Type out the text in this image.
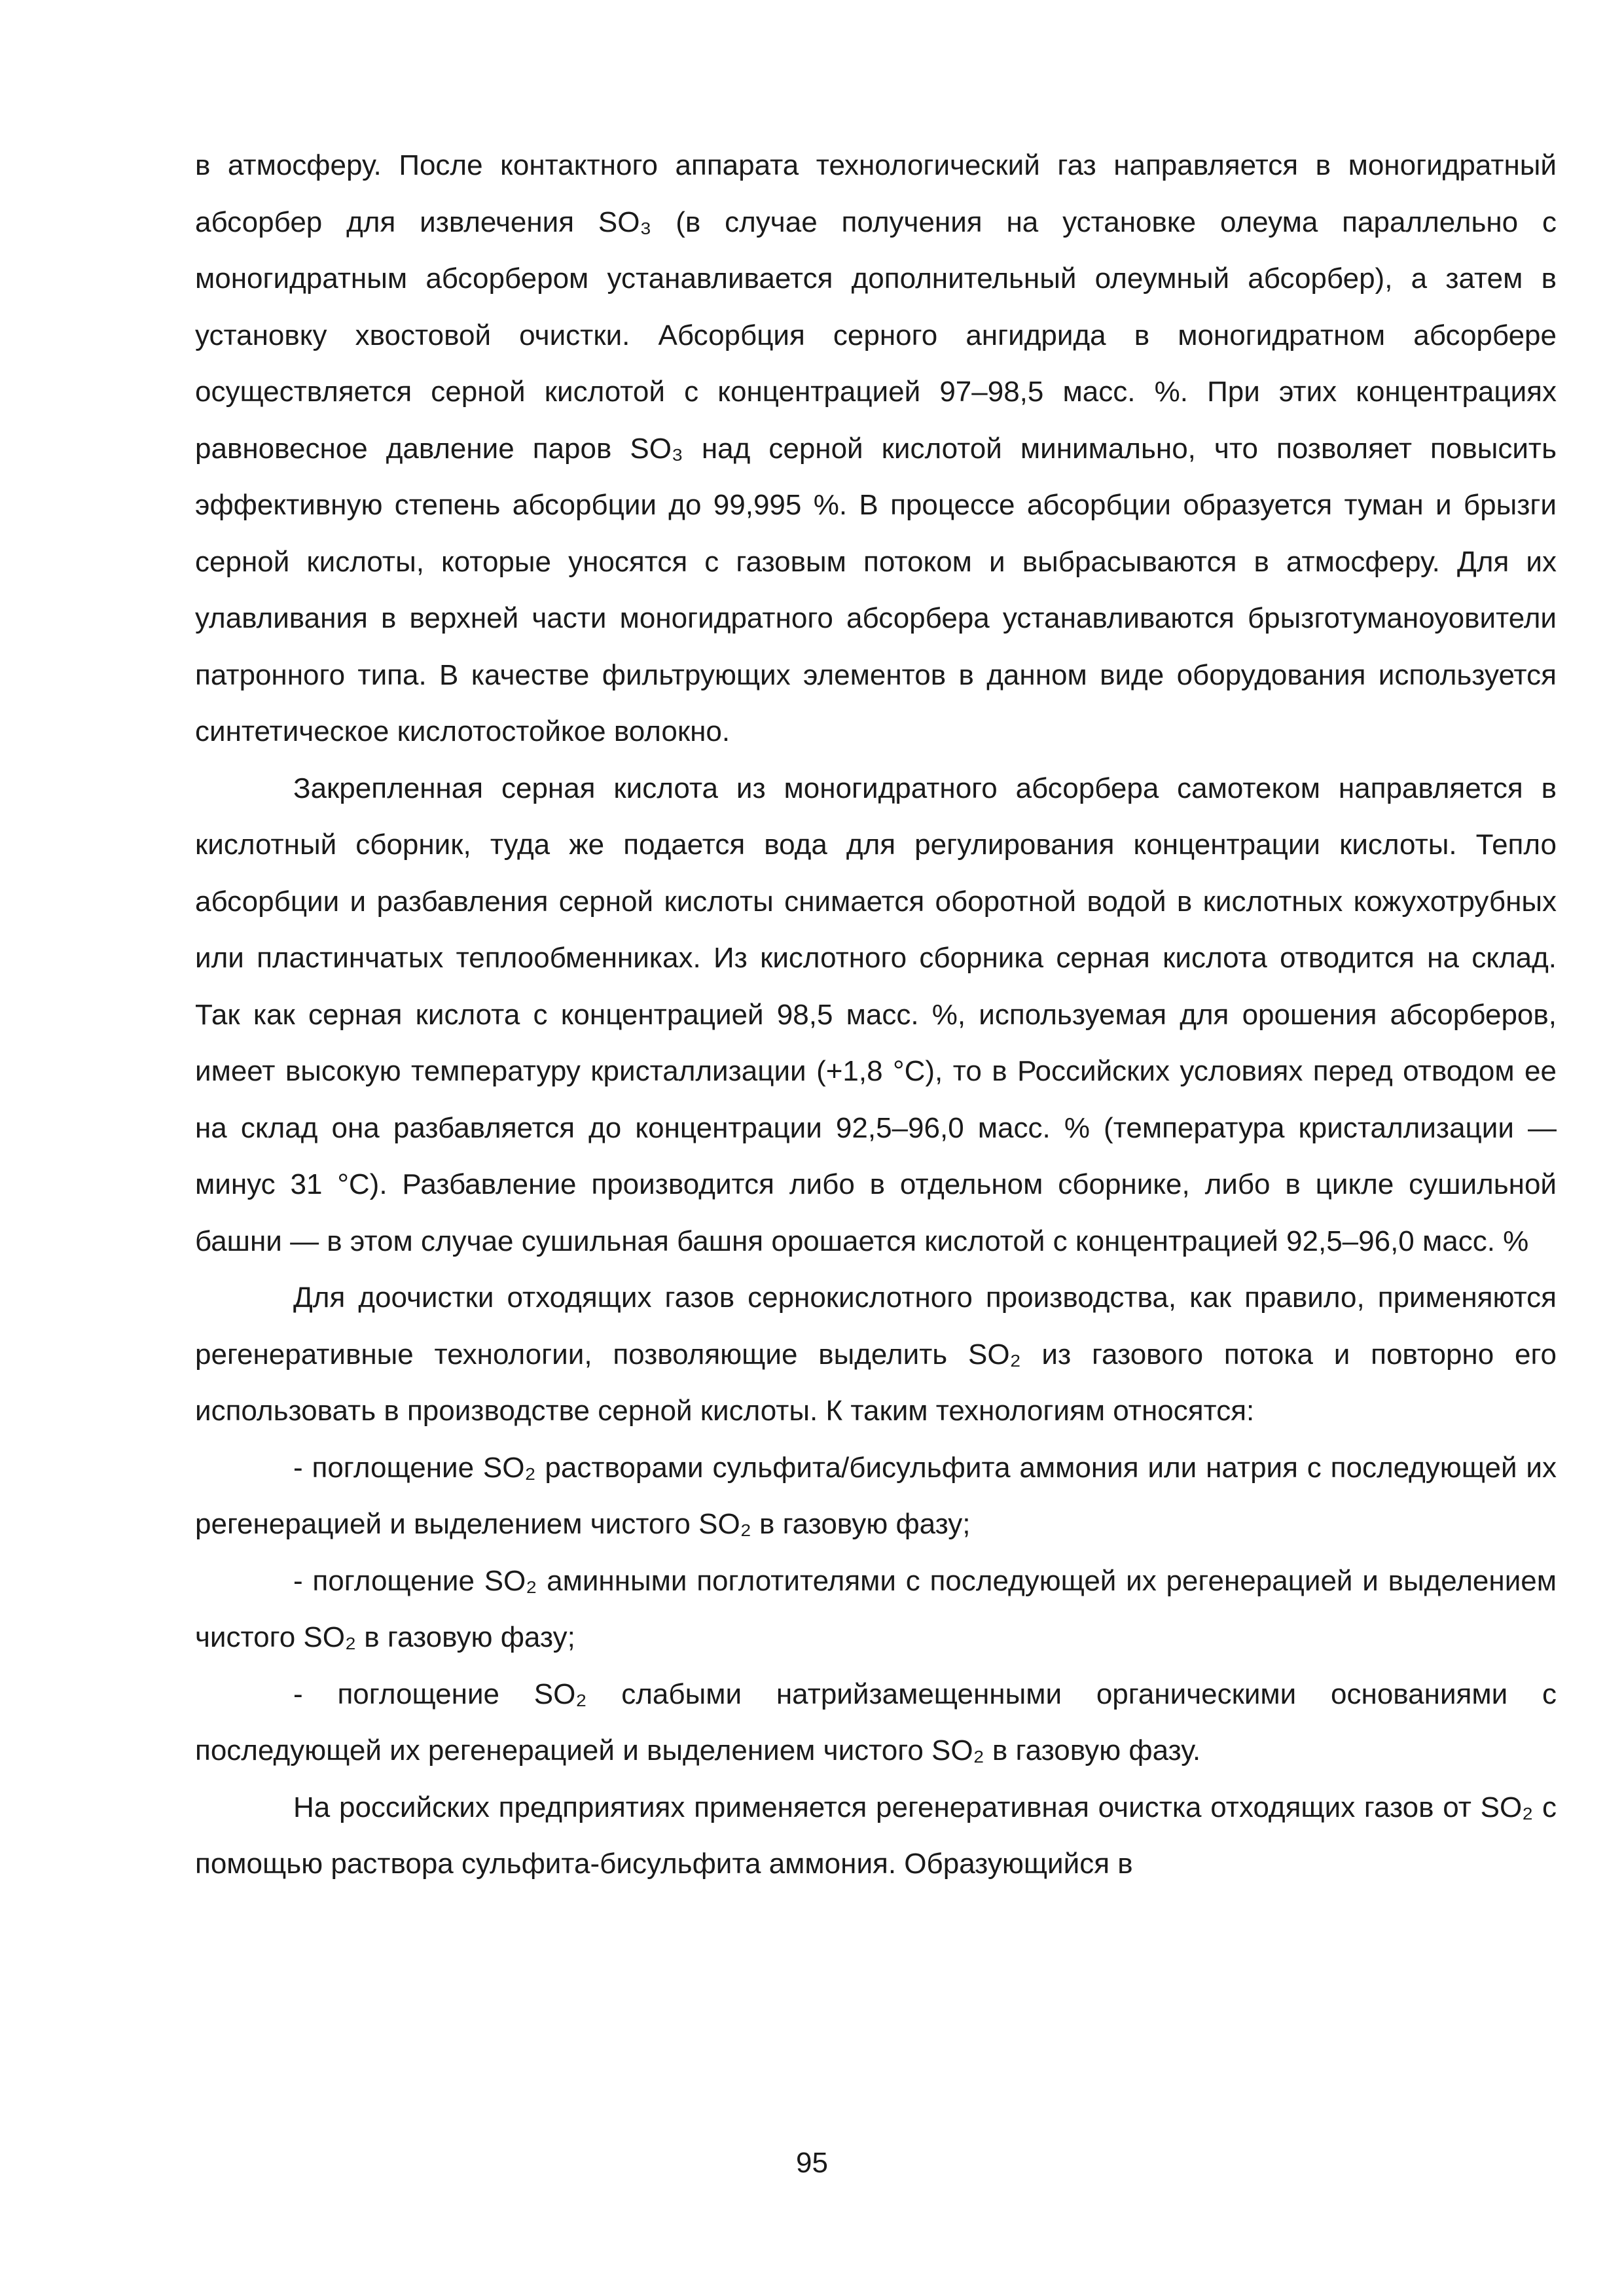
в атмосферу. После контактного аппарата технологический газ направляется в моногидратный абсорбер для извлечения SO₃ (в случае получения на установке олеума параллельно с моногидратным абсорбером устанавливается дополнительный олеумный абсорбер), а затем в установку хвостовой очистки. Абсорбция серного ангидрида в моногидратном абсорбере осуществляется серной кислотой с концентрацией 97–98,5 масс. %. При этих концентрациях равновесное давление паров SO₃ над серной кислотой минимально, что позволяет повысить эффективную степень абсорбции до 99,995 %. В процессе абсорбции образуется туман и брызги серной кислоты, которые уносятся с газовым потоком и выбрасываются в атмосферу. Для их улавливания в верхней части моногидратного абсорбера устанавливаются брызготуманоуовители патронного типа. В качестве фильтрующих элементов в данном виде оборудования используется синтетическое кислотостойкое волокно.

Закрепленная серная кислота из моногидратного абсорбера самотеком направляется в кислотный сборник, туда же подается вода для регулирования концентрации кислоты. Тепло абсорбции и разбавления серной кислоты снимается оборотной водой в кислотных кожухотрубных или пластинчатых теплообменниках. Из кислотного сборника серная кислота отводится на склад. Так как серная кислота с концентрацией 98,5 масс. %, используемая для орошения абсорберов, имеет высокую температуру кристаллизации (+1,8 °С), то в Российских условиях перед отводом ее на склад она разбавляется до концентрации 92,5–96,0 масс. % (температура кристаллизации — минус 31 °С). Разбавление производится либо в отдельном сборнике, либо в цикле сушильной башни — в этом случае сушильная башня орошается кислотой с концентрацией 92,5–96,0 масс. %

Для доочистки отходящих газов сернокислотного производства, как правило, применяются регенеративные технологии, позволяющие выделить SO₂ из газового потока и повторно его использовать в производстве серной кислоты. К таким технологиям относятся:

- поглощение SO₂ растворами сульфита/бисульфита аммония или натрия с последующей их регенерацией и выделением чистого SO₂ в газовую фазу;

- поглощение SO₂ аминными поглотителями с последующей их регенерацией и выделением чистого SO₂ в газовую фазу;

- поглощение SO₂ слабыми натрийзамещенными органическими основаниями с последующей их регенерацией и выделением чистого SO₂ в газовую фазу.

На российских предприятиях применяется регенеративная очистка отходящих газов от SO₂ с помощью раствора сульфита-бисульфита аммония. Образующийся в

95
